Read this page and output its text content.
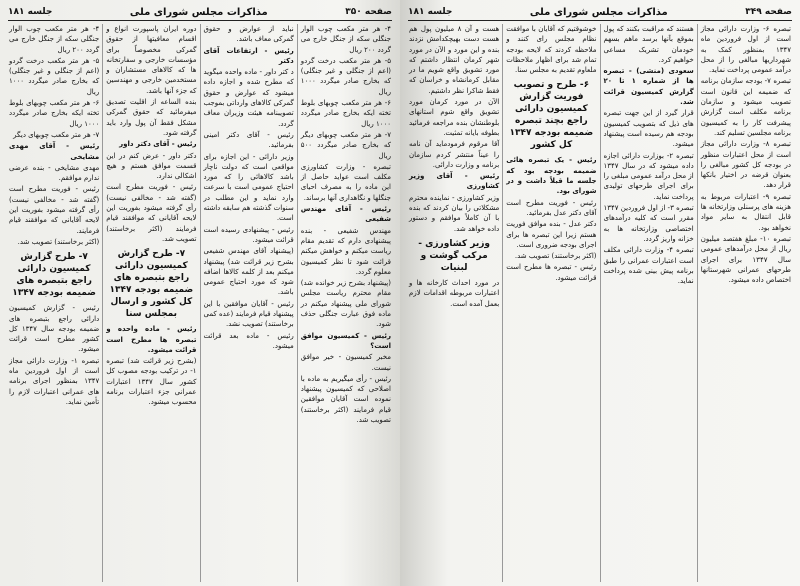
صفحه ۳۵۰
مذاکرات مجلس شورای ملی
جلسه ۱۸۱

۴- هر متر مکعب چوب الوار جنگلی سکه از جنگل خارج می گردد ۲۰۰ ریال

۵- هر متر مکعب درخت گردو (اعم از جنگلی و غیر جنگلی) که بخارج صادر میگردد ۱۰۰۰ ریال

۶- هر متر مکعب چوبهای بلوط تخته ایکه بخارج صادر میگردد ۱۰۰۰ ریال

۷- هر متر مکعب چوبهای دیگر که بخارج صادر میگردد ۵۰۰ ریال

تبصره - وزارت کشاورزی مکلف است عواید حاصل از این ماده را به مصرف احیای جنگلها و نگاهداری آنها برساند.

رئیس - آقای مهندس شفیعی

مهندس شفیعی - بنده پیشنهادی دارم که تقدیم مقام ریاست میکنم و خواهش میکنم قرائت شود تا نظر کمیسیون معلوم گردد.

(پیشنهاد بشرح زیر خوانده شد) مقام محترم ریاست مجلس شورای ملی پیشنهاد میکنم در ماده فوق عبارت جنگلی حذف شود.

رئیس - کمیسیون موافق است؟

مخبر کمیسیون - خیر موافق نیست.

رئیس - رأی میگیریم به ماده با اصلاحی که کمیسیون پیشنهاد نموده است آقایان موافقین قیام فرمایند (اکثر برخاستند) تصویب شد.

نباید از عوارض و حقوق گمرکی معاف باشد.

رئیس - ارتفاعات آقای دکتر

د کتر داور - ماده واحده میگوید که مطرح شده و اجازه داده میشود که عوارض و حقوق گمرکی کالاهای وارداتی بموجب تصویبنامه هیئت وزیران معاف گردد.

رئیس - آقای دکتر امینی بفرمائید.

وزیر دارائی - این اجازه برای مواقعی است که دولت ناچار باشد کالاهائی را که مورد احتیاج عمومی است با سرعت وارد نماید و این مطلب در سنوات گذشته هم سابقه داشته است.

رئیس - پیشنهادی رسیده است قرائت میشود.

(پیشنهاد آقای مهندس شفیعی بشرح زیر قرائت شد) پیشنهاد میکنم بعد از کلمه کالاها اضافه شود که مورد احتیاج عمومی باشد.

رئیس - آقایان موافقین با این پیشنهاد قیام فرمایند (عده کمی برخاستند) تصویب نشد.

رئیس - ماده بعد قرائت میشود.

دوره ایران پاسپورت انواع و اقسام معافیتها از حقوق گمرکی مخصوصاً برای مؤسسات خارجی و سفارتخانه ها که کالاهای مستشاران و مستخدمین خارجی و مهندسین که جزء آنها باشد.

بنده الساعه از اقلیت تصدیق میفرمائید که حقوق گمرکی مشکل فقط آن پول وارد باید گرفته شود.

رئیس - آقای دکتر داور

دکتر داور - عرض کنم در این قسمت موافق هستم و هیچ اشکالی ندارد.

رئیس - فوریت مطرح است (گفته شد - مخالفی نیست) رأی گرفته میشود بفوریت این لایحه آقایانی که موافقند قیام فرمایند (اکثر برخاستند) تصویب شد.

۷- طرح گزارش کمیسیون دارائی راجع بتبصره های ضمیمه بودجه ۱۳۴۷ کل کشور و ارسال بمجلس سنا

رئیس - ماده واحده و تبصره ها مطرح است قرائت میشود.

(بشرح زیر قرائت شد) تبصره ۱- در ترکیب بودجه مصوب کل کشور سال ۱۳۴۷ اعتبارات عمرانی جزء اعتبارات برنامه محسوب میشود.

۴- هر متر مکعب چوب الوار جنگلی سکه از جنگل خارج می گردد ۲۰۰ ریال

۵- هر متر مکعب درخت گردو (اعم از جنگلی و غیر جنگلی) که بخارج صادر میگردد ۱۰۰۰ ریال

۶- هر متر مکعب چوبهای بلوط تخته ایکه بخارج صادر میگردد ۱۰۰۰ ریال

۷- هر متر مکعب چوبهای دیگر

رئیس - آقای مهدی مشایخی

مهدی مشایخی - بنده عرضی ندارم موافقم.

رئیس - فوریت مطرح است (گفته شد - مخالفی نیست) رأی گرفته میشود بفوریت این لایحه آقایانی که موافقند قیام فرمایند.

(اکثر برخاستند) تصویب شد.

۷- طرح گزارش کمیسیون دارائی راجع بتبصره های ضمیمه بودجه ۱۳۴۷

رئیس - گزارش کمیسیون دارائی راجع بتبصره های ضمیمه بودجه سال ۱۳۴۷ کل کشور مطرح است قرائت میشود.

تبصره ۱- وزارت دارائی مجاز است از اول فروردین ماه ۱۳۴۷ بمنظور اجرای برنامه های عمرانی اعتبارات لازم را تأمین نماید.

صفحه ۳۴۹
مذاکرات مجلس شورای ملی
جلسه ۱۸۱

تبصره ۶- وزارت دارائی مجاز است از اول فروردین ماه ۱۳۴۷ بمنظور کمک به شهرداریها مبالغی را از محل درآمد عمومی پرداخت نماید.

تبصره ۷- بودجه سازمان برنامه که ضمیمه این قانون است تصویب میشود و سازمان برنامه مکلف است گزارش پیشرفت کار را به کمیسیون برنامه مجلسین تسلیم کند.

تبصره ۸- وزارت دارائی مجاز است از محل اعتبارات منظور در بودجه کل کشور مبالغی را بعنوان قرضه در اختیار بانکها قرار دهد.

تبصره ۹- اعتبارات مربوط به هزینه های پرسنلی وزارتخانه ها قابل انتقال به سایر مواد نخواهد بود.

تبصره ۱۰- مبلغ هفتصد میلیون ریال از محل درآمدهای عمومی سال ۱۳۴۷ برای اجرای طرحهای عمرانی شهرستانها اختصاص داده میشود.

هستند که مراقبت بکنند که پول بموقع بآنها برسد ماهم بسهم خودمان تشریک مساعی خواهیم کرد.

سعودی (منشی) - تبصره ها از شماره ۱ تا ۲۰ گزارش کمیسیون قرائت شد.

قرار گیرد از این جهت تبصره های ذیل که بتصویب کمیسیون بودجه هم رسیده است پیشنهاد میشود.

تبصره ۲- بوزارت دارائی اجازه داده میشود که در سال ۱۳۴۷ از محل درآمد عمومی مبلغی را برای اجرای طرحهای تولیدی پرداخت نماید.

تبصره ۳- از اول فروردین ۱۳۴۷ مقرر است که کلیه درآمدهای اختصاصی وزارتخانه ها به خزانه واریز گردد.

تبصره ۴- وزارت دارائی مکلف است اعتبارات عمرانی را طبق برنامه پیش بینی شده پرداخت نماید.

خوشوقتیم که آقایان با موافقت نظام مجلس رای کنند و ملاحظه کردند که لایحه بودجه تمام شد برای اظهار ملاحظات ملعاوم تقدیم به مجلس سنا.

۶- طرح و تصویب فوریت گزارش کمیسیون دارائی راجع بچند تبصره ضمیمه بودجه ۱۳۴۷ کل کشور

رئیس - یک تبصره هائی ضمیمه بودجه بود که جلسه ما قبلاً داشت و در شورای بود.

رئیس - فوریت مطرح است آقای دکتر عدل بفرمائید.

دکتر عدل - بنده موافق فوریت هستم زیرا این تبصره ها برای اجرای بودجه ضروری است.

(اکثر برخاستند) تصویب شد.

رئیس - تبصره ها مطرح است قرائت میشود.

هست و آن ۸ میلیون پول هم هست دست بهیچکدامش نزدند بنده و این مورد و الآن در مورد شهر کرمان انتظار داشتم که مورد تشویق واقع شویم ما در مقابل کرمانشاه و خراسان که فقط شاکرا نظر داشتیم.

الآن در مورد کرمان مورد تشویق واقع شوم استانهای بلوطنشان بنده مراجعه فرمائید بطوفه بایانه تمثیت.

آقا مرقوم فرمودماید آن نامه را عیناً منتشر کردم سازمان برنامه و وزارت دارائی.

رئیس - آقای وزیر کشاورزی

وزیر کشاورزی - نماینده محترم مشکلاتی را بیان کردند که بنده با آن کاملاً موافقم و دستور داده خواهد شد.

وزیر کشاورزی - مرکب گوشت و لبنیات

در مورد احداث کارخانه ها و اعتبارات مربوطه اقدامات لازم بعمل آمده است.
